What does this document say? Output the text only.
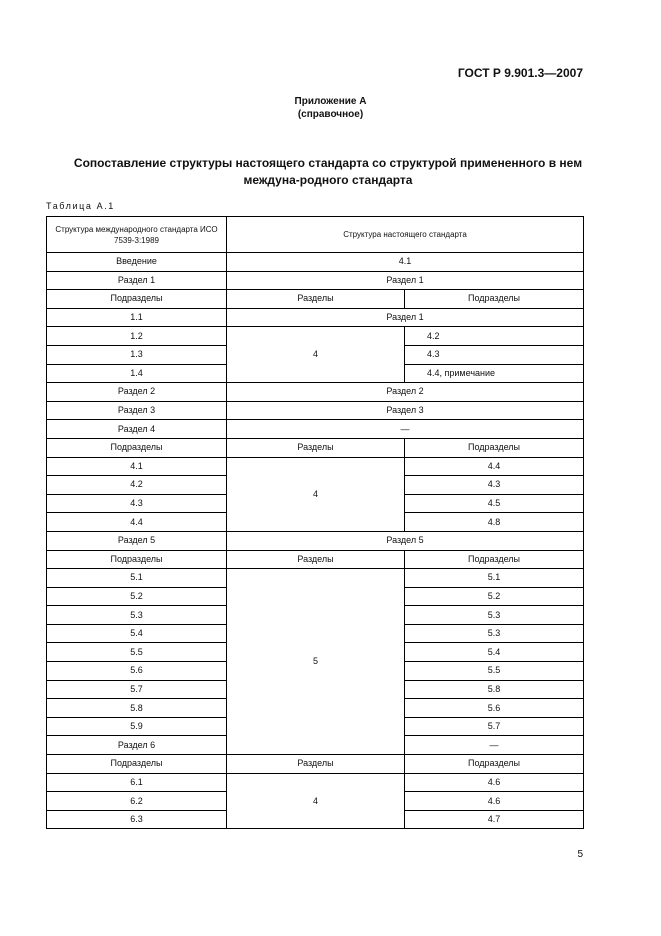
ГОСТ Р 9.901.3—2007
Приложение А
(справочное)
Сопоставление структуры настоящего стандарта со структурой примененного в нем междуна-родного стандарта
Таблица А.1
Структура международного стандарта ИСО 7539-3:1989	Структура настоящего стандарта	
Введение	4.1	
Раздел 1	Раздел 1	
Подразделы	Разделы	Подразделы
1.1	Раздел 1	
1.2	4	4.2
1.3		4.3
1.4		4.4, примечание
Раздел 2	Раздел 2	
Раздел 3	Раздел 3	
Раздел 4	—	
Подразделы	Разделы	Подразделы
4.1	4	4.4
4.2		4.3
4.3		4.5
4.4		4.8
Раздел 5	Раздел 5	
Подразделы	Разделы	Подразделы
5.1	5	5.1
5.2		5.2
5.3		5.3
5.4		5.3
5.5		5.4
5.6		5.5
5.7		5.8
5.8		5.6
5.9		5.7
Раздел 6		—
Подразделы	Разделы	Подразделы
6.1	4	4.6
6.2		4.6
6.3		4.7
5
